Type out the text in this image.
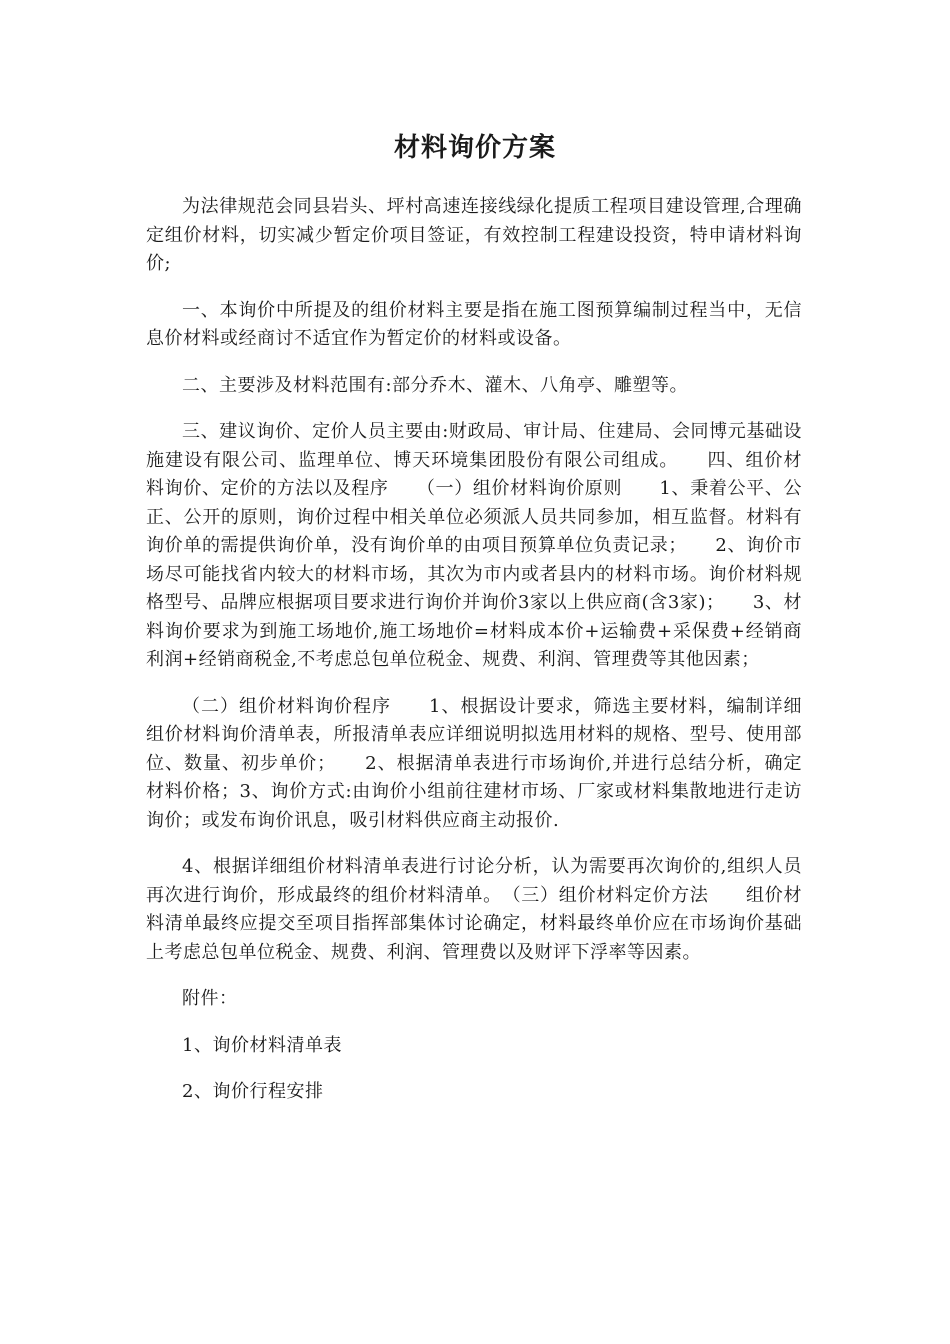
材料询价方案

为法律规范会同县岩头、坪村高速连接线绿化提质工程项目建设管理,合理确定组价材料，切实减少暂定价项目签证，有效控制工程建设投资，特申请材料询价;

一、本询价中所提及的组价材料主要是指在施工图预算编制过程当中，无信息价材料或经商讨不适宜作为暂定价的材料或设备。

二、主要涉及材料范围有:部分乔木、灌木、八角亭、雕塑等。

三、建议询价、定价人员主要由:财政局、审计局、住建局、会同博元基础设施建设有限公司、监理单位、博天环境集团股份有限公司组成。　　四、组价材料询价、定价的方法以及程序　　（一）组价材料询价原则　　1、秉着公平、公正、公开的原则，询价过程中相关单位必须派人员共同参加，相互监督。材料有询价单的需提供询价单，没有询价单的由项目预算单位负责记录；　　2、询价市场尽可能找省内较大的材料市场，其次为市内或者县内的材料市场。询价材料规格型号、品牌应根据项目要求进行询价并询价3家以上供应商(含3家)；　　3、材料询价要求为到施工场地价,施工场地价=材料成本价+运输费+采保费+经销商利润+经销商税金,不考虑总包单位税金、规费、利润、管理费等其他因素；

（二）组价材料询价程序　　1、根据设计要求，筛选主要材料，编制详细组价材料询价清单表，所报清单表应详细说明拟选用材料的规格、型号、使用部位、数量、初步单价；　　2、根据清单表进行市场询价,并进行总结分析，确定材料价格；3、询价方式:由询价小组前往建材市场、厂家或材料集散地进行走访询价；或发布询价讯息，吸引材料供应商主动报价.

4、根据详细组价材料清单表进行讨论分析，认为需要再次询价的,组织人员再次进行询价，形成最终的组价材料清单。　（三）组价材料定价方法　　组价材料清单最终应提交至项目指挥部集体讨论确定，材料最终单价应在市场询价基础上考虑总包单位税金、规费、利润、管理费以及财评下浮率等因素。

附件：

1、询价材料清单表

2、询价行程安排
